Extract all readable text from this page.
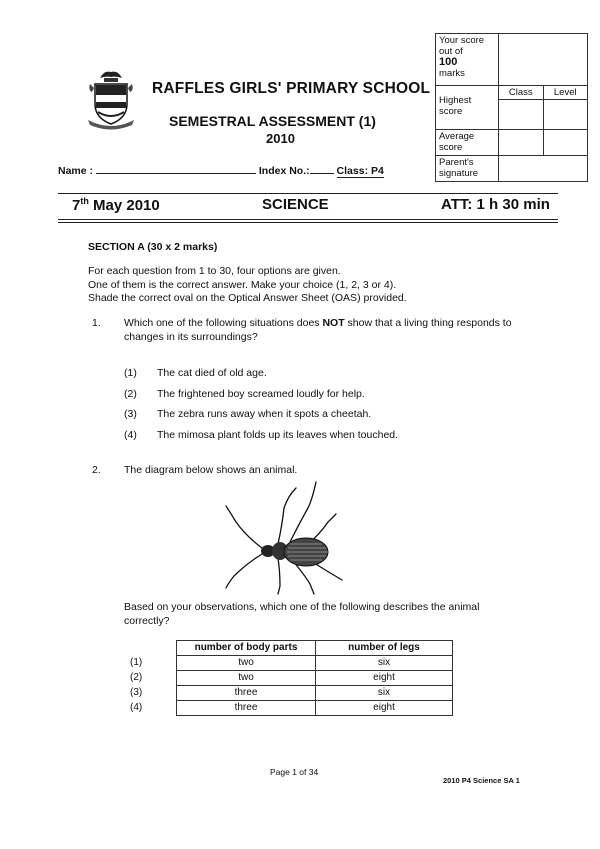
RAFFLES GIRLS' PRIMARY SCHOOL
SEMESTRAL ASSESSMENT (1)
2010
Your score out of
100
marks		

Highest score	Class	Level

Average score		
Parent's signature		
Name :	Index No.:	Class: P4
7th May 2010	SCIENCE	ATT: 1 h 30 min
SECTION A (30 x 2 marks)
For each question from 1 to 30, four options are given.
One of them is the correct answer. Make your choice (1, 2, 3 or 4).
Shade the correct oval on the Optical Answer Sheet (OAS) provided.
1. Which one of the following situations does NOT show that a living thing responds to changes in its surroundings?
(1) The cat died of old age.
(2) The frightened boy screamed loudly for help.
(3) The zebra runs away when it spots a cheetah.
(4) The mimosa plant folds up its leaves when touched.
2. The diagram below shows an animal.
Based on your observations, which one of the following describes the animal correctly?
	number of body parts	number of legs
(1)	two	six
(2)	two	eight
(3)	three	six
(4)	three	eight
Page 1 of 34
2010 P4 Science SA 1
